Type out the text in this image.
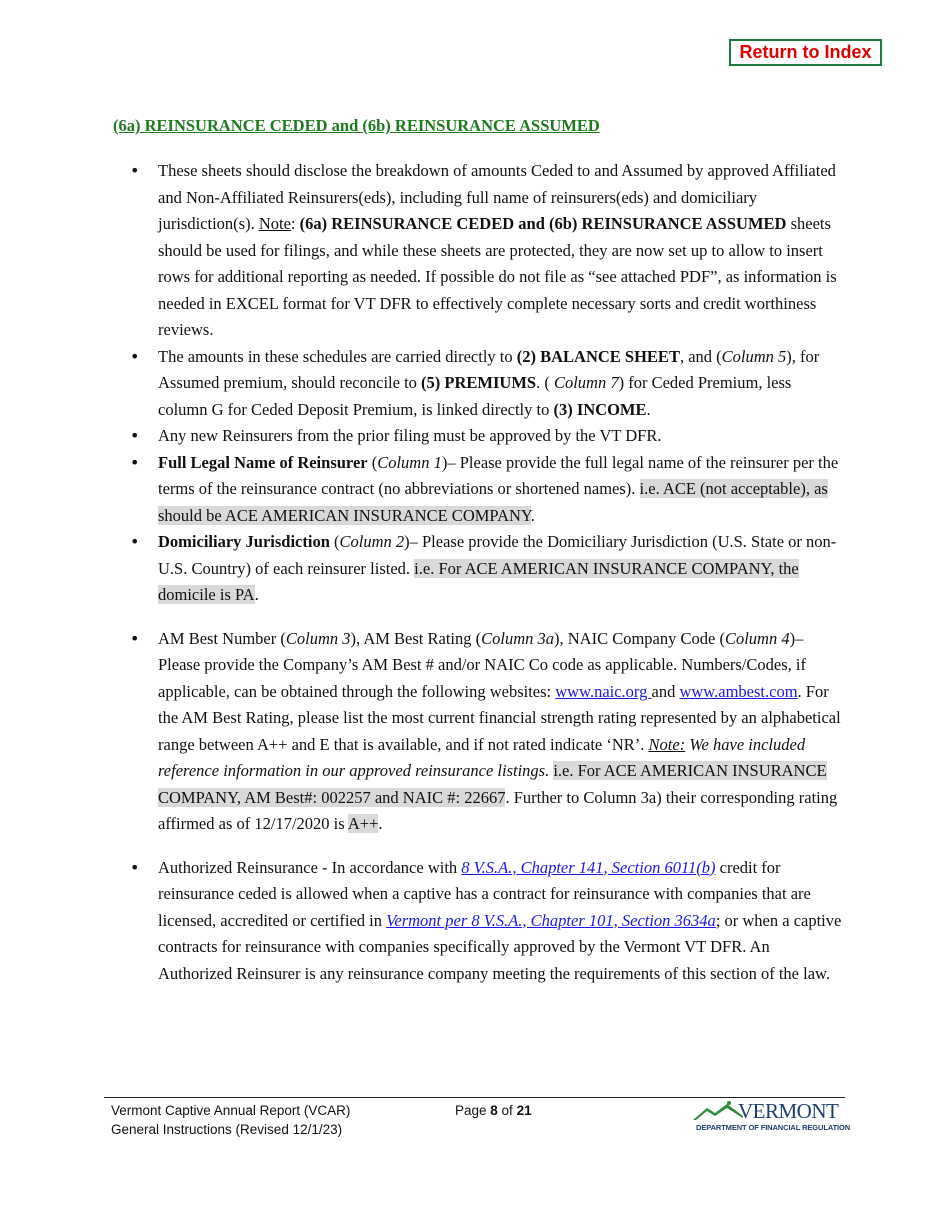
Return to Index
(6a) REINSURANCE CEDED and (6b) REINSURANCE ASSUMED
• These sheets should disclose the breakdown of amounts Ceded to and Assumed by approved Affiliated and Non-Affiliated Reinsurers(eds), including full name of reinsurers(eds) and domiciliary jurisdiction(s). Note: (6a) REINSURANCE CEDED and (6b) REINSURANCE ASSUMED sheets should be used for filings, and while these sheets are protected, they are now set up to allow to insert rows for additional reporting as needed. If possible do not file as “see attached PDF”, as information is needed in EXCEL format for VT DFR to effectively complete necessary sorts and credit worthiness reviews.
• The amounts in these schedules are carried directly to (2) BALANCE SHEET, and (Column 5), for Assumed premium, should reconcile to (5) PREMIUMS. ( Column 7) for Ceded Premium, less column G for Ceded Deposit Premium, is linked directly to (3) INCOME.
• Any new Reinsurers from the prior filing must be approved by the VT DFR.
• Full Legal Name of Reinsurer (Column 1)– Please provide the full legal name of the reinsurer per the terms of the reinsurance contract (no abbreviations or shortened names). i.e. ACE (not acceptable), as should be ACE AMERICAN INSURANCE COMPANY.
• Domiciliary Jurisdiction (Column 2)– Please provide the Domiciliary Jurisdiction (U.S. State or non-U.S. Country) of each reinsurer listed. i.e. For ACE AMERICAN INSURANCE COMPANY, the domicile is PA.
• AM Best Number (Column 3), AM Best Rating (Column 3a), NAIC Company Code (Column 4)– Please provide the Company’s AM Best # and/or NAIC Co code as applicable. Numbers/Codes, if applicable, can be obtained through the following websites: www.naic.org and www.ambest.com. For the AM Best Rating, please list the most current financial strength rating represented by an alphabetical range between A++ and E that is available, and if not rated indicate ‘NR’. Note: We have included reference information in our approved reinsurance listings. i.e. For ACE AMERICAN INSURANCE COMPANY, AM Best#: 002257 and NAIC #: 22667. Further to Column 3a) their corresponding rating affirmed as of 12/17/2020 is A++.
• Authorized Reinsurance - In accordance with 8 V.S.A., Chapter 141, Section 6011(b) credit for reinsurance ceded is allowed when a captive has a contract for reinsurance with companies that are licensed, accredited or certified in Vermont per 8 V.S.A., Chapter 101, Section 3634a; or when a captive contracts for reinsurance with companies specifically approved by the Vermont VT DFR. An Authorized Reinsurer is any reinsurance company meeting the requirements of this section of the law.
Vermont Captive Annual Report (VCAR)
General Instructions (Revised 12/1/23)
Page 8 of 21	VERMONT
DEPARTMENT OF FINANCIAL REGULATION
